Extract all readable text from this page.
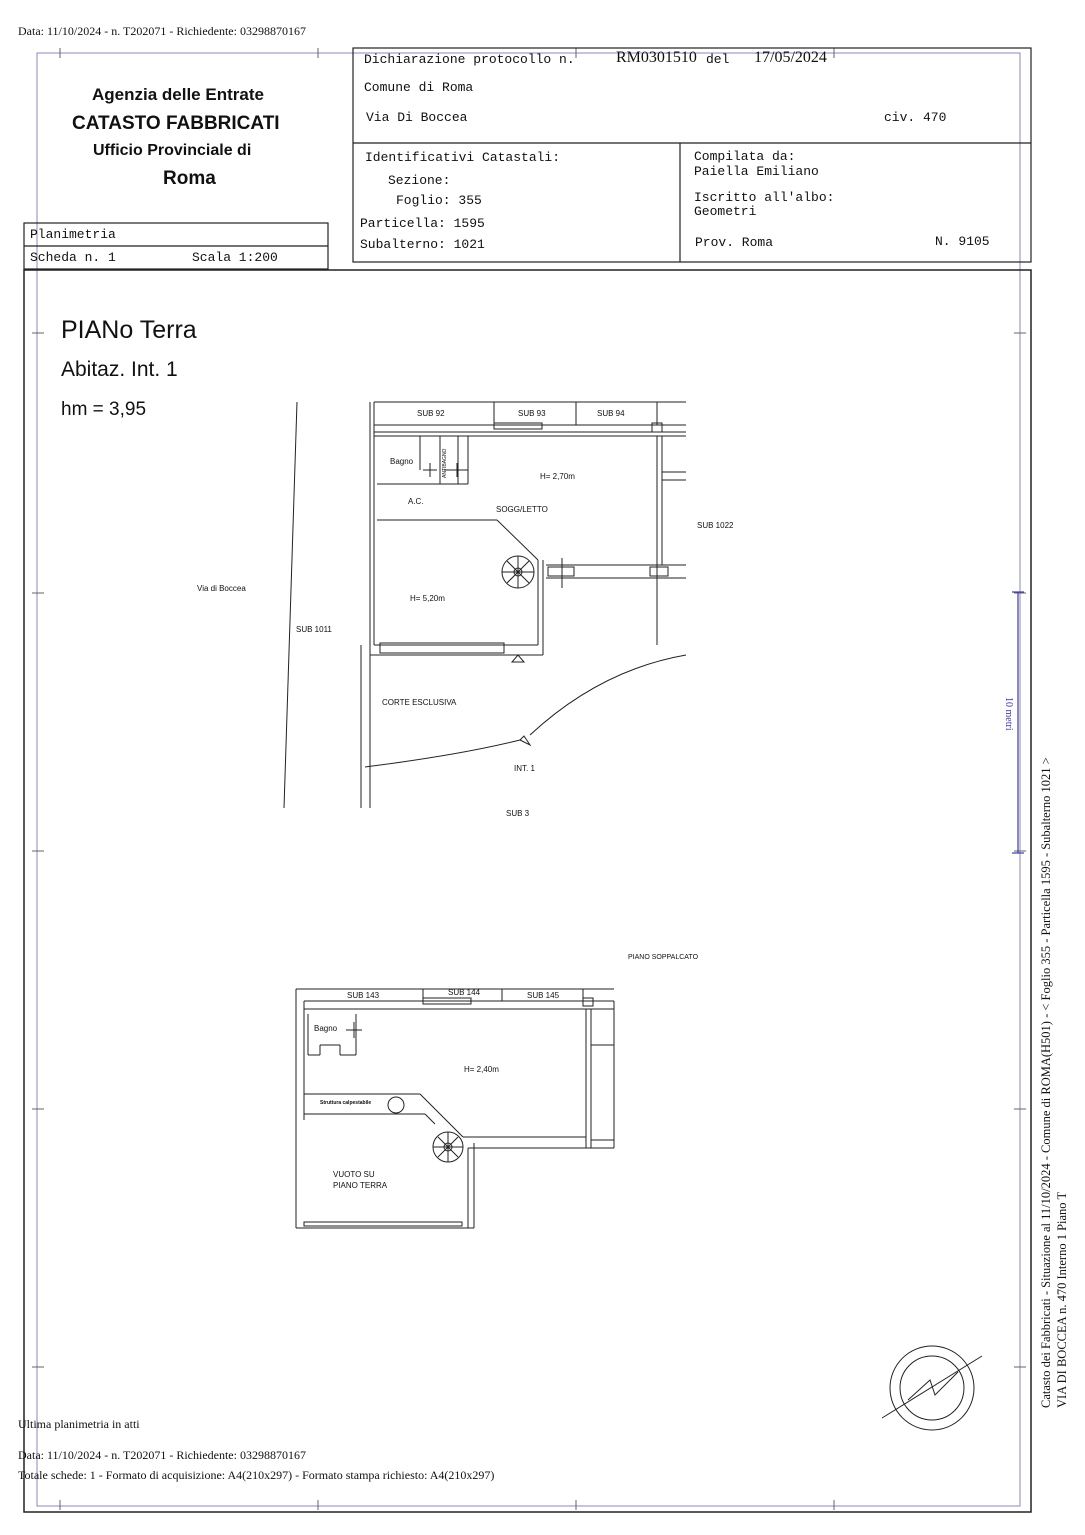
Data: 11/10/2024 - n. T202071 - Richiedente: 03298870167
Agenzia delle Entrate
CATASTO FABBRICATI
Ufficio Provinciale di
Roma
Planimetria
Scheda n. 1	Scala 1:200
Dichiarazione protocollo n.	RM0301510 del 17/05/2024
Comune di Roma
Via Di Boccea	civ. 470
Identificativi Catastali:
Sezione:
Foglio: 355
Particella: 1595
Subalterno: 1021
Compilata da:
Paiella Emiliano
Iscritto all'albo:
Geometri
Prov. Roma	N. 9105
PIANo Terra
Abitaz. Int. 1
hm = 3,95	SUB 92	SUB 93	SUB 94
Bagno	ANTIBAGNO	H= 2,70m
A.C.
SOGG/LETTO
SUB 1022
Via di Boccea
H= 5,20m
SUB 1011
CORTE ESCLUSIVA
INT. 1
SUB 3
PIANO SOPPALCATO
SUB 143	SUB 144	SUB 145
Bagno
H= 2,40m
Struttura calpestabile
VUOTO SU
PIANO TERRA
10 metri
Catasto dei Fabbricati - Situazione al 11/10/2024 - Comune di ROMA(H501) - < Foglio 355 - Particella 1595 - Subalterno 1021 > VIA DI BOCCEA n. 470 Interno 1 Piano T
Ultima planimetria in atti
Data: 11/10/2024 - n. T202071 - Richiedente: 03298870167
Totale schede: 1 - Formato di acquisizione: A4(210x297) - Formato stampa richiesto: A4(210x297)
